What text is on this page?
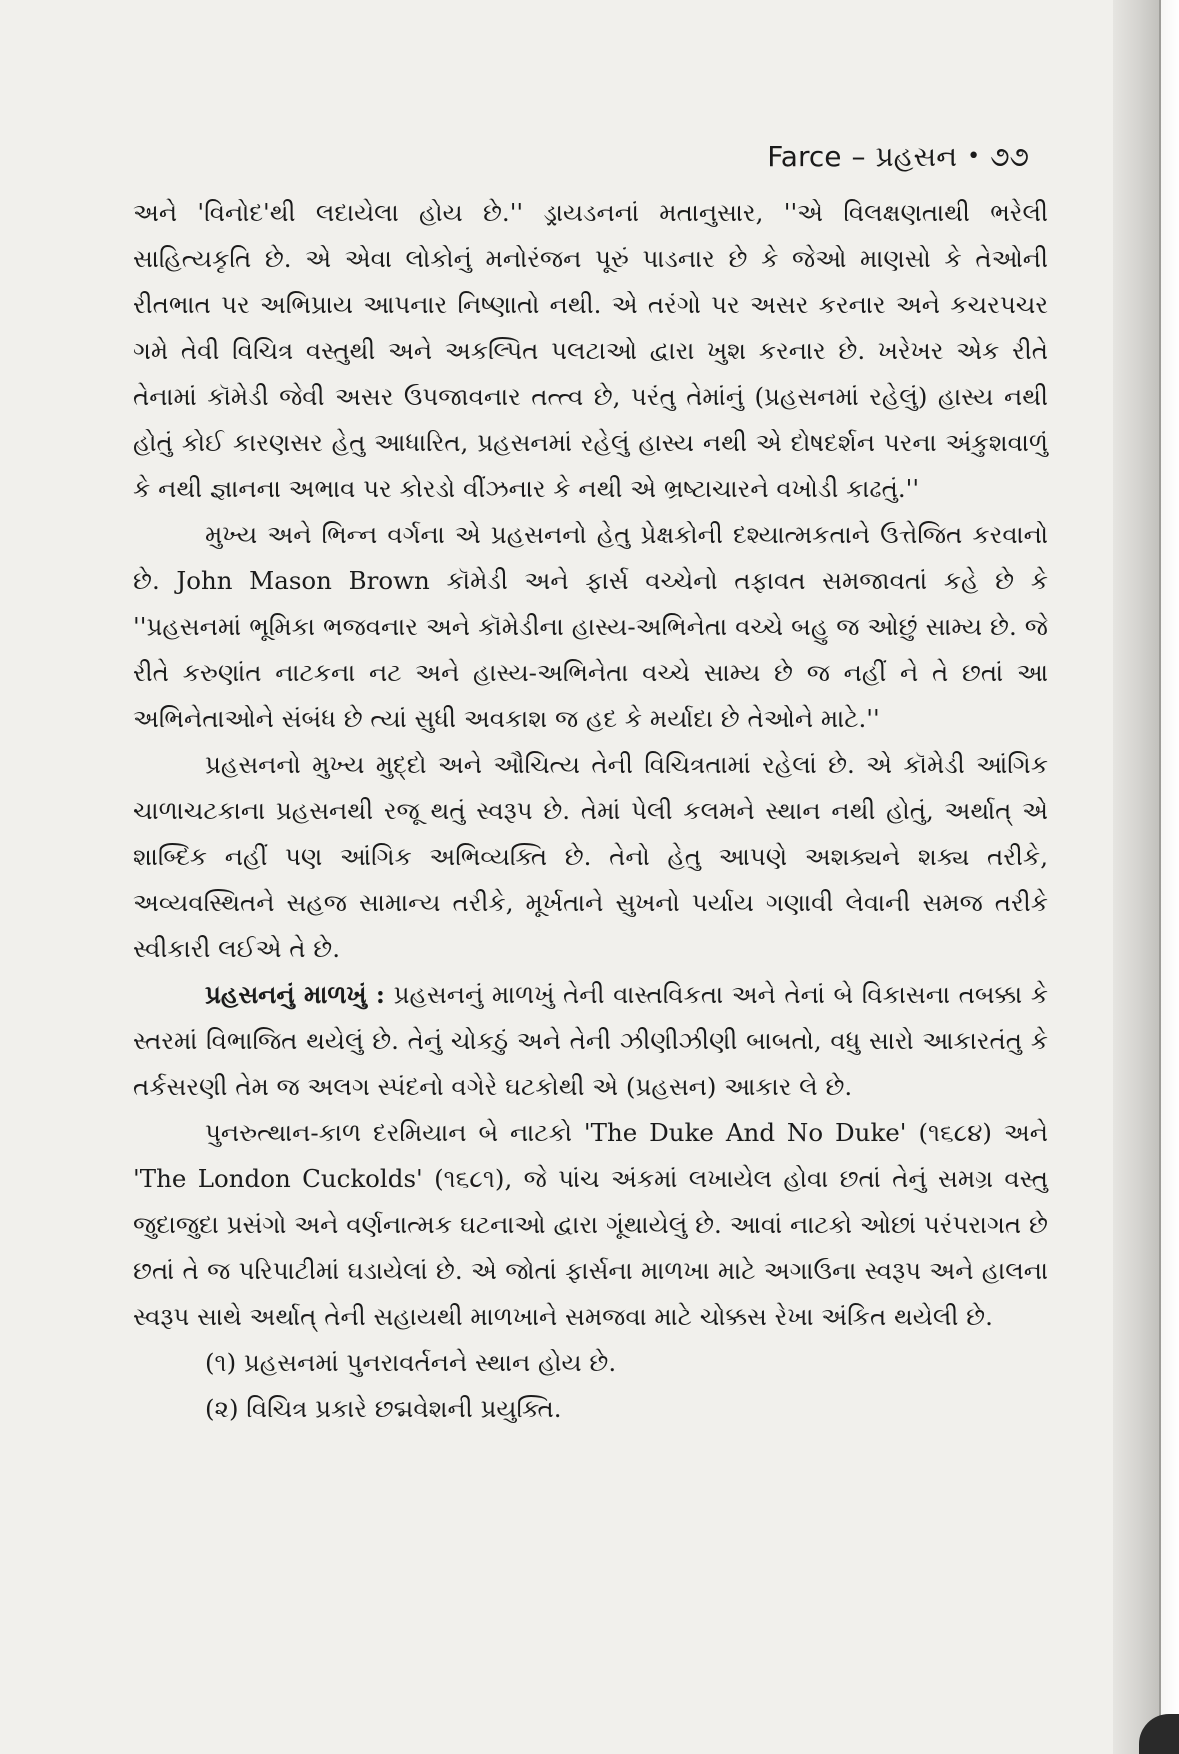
Farce – પ્રહસન • ૭૭

અને 'વિનોદ'થી લદાયેલા હોય છે.'' ડ્રાયડનનાં મતાનુસાર, ''એ વિલક્ષણતાથી ભરેલી સાહિત્યકૃતિ છે. એ એવા લોકોનું મનોરંજન પૂરું પાડનાર છે કે જેઓ માણસો કે તેઓની રીતભાત પર અભિપ્રાય આપનાર નિષ્ણાતો નથી. એ તરંગો પર અસર કરનાર અને કચરપચર ગમે તેવી વિચિત્ર વસ્તુથી અને અકલ્પિત પલટાઓ દ્વારા ખુશ કરનાર છે. ખરેખર એક રીતે તેનામાં કૉમેડી જેવી અસર ઉપજાવનાર તત્ત્વ છે, પરંતુ તેમાંનું (પ્રહસનમાં રહેલું) હાસ્ય નથી હોતું કોઈ કારણસર હેતુ આધારિત, પ્રહસનમાં રહેલું હાસ્ય નથી એ દોષદર્શન પરના અંકુશવાળું કે નથી જ્ઞાનના અભાવ પર કોરડો વીંઝનાર કે નથી એ ભ્રષ્ટાચારને વખોડી કાઢતું.''

મુખ્ય અને ભિન્ન વર્ગના એ પ્રહસનનો હેતુ પ્રેક્ષકોની દશ્યાત્મકતાને ઉત્તેજિત કરવાનો છે. John Mason Brown કૉમેડી અને ફાર્સ વચ્ચેનો તફાવત સમજાવતાં કહે છે કે ''પ્રહસનમાં ભૂમિકા ભજવનાર અને કૉમેડીના હાસ્ય-અભિનેતા વચ્ચે બહુ જ ઓછું સામ્ય છે. જે રીતે કરુણાંત નાટકના નટ અને હાસ્ય-અભિનેતા વચ્ચે સામ્ય છે જ નહીં ને તે છતાં આ અભિનેતાઓને સંબંધ છે ત્યાં સુધી અવકાશ જ હદ કે મર્યાદા છે તેઓને માટે.''

પ્રહસનનો મુખ્ય મુદ્દો અને ઔચિત્ય તેની વિચિત્રતામાં રહેલાં છે. એ કૉમેડી આંગિક ચાળાચટકાના પ્રહસનથી રજૂ થતું સ્વરૂપ છે. તેમાં પેલી કલમને સ્થાન નથી હોતું, અર્થાત્ એ શાબ્દિક નહીં પણ આંગિક અભિવ્યક્તિ છે. તેનો હેતુ આપણે અશક્યને શક્ય તરીકે, અવ્યવસ્થિતને સહજ સામાન્ય તરીકે, મૂર્ખતાને સુખનો પર્યાય ગણાવી લેવાની સમજ તરીકે સ્વીકારી લઈએ તે છે.

પ્રહસનનું માળખું : પ્રહસનનું માળખું તેની વાસ્તવિકતા અને તેનાં બે વિકાસના તબક્કા કે સ્તરમાં વિભાજિત થયેલું છે. તેનું ચોકઠું અને તેની ઝીણીઝીણી બાબતો, વધુ સારો આકારતંતુ કે તર્કસરણી તેમ જ અલગ સ્પંદનો વગેરે ઘટકોથી એ (પ્રહસન) આકાર લે છે.

પુનરુત્થાન-કાળ દરમિયાન બે નાટકો 'The Duke And No Duke' (૧૬૮૪) અને 'The London Cuckolds' (૧૬૮૧), જે પાંચ અંકમાં લખાયેલ હોવા છતાં તેનું સમગ્ર વસ્તુ જુદાજુદા પ્રસંગો અને વર્ણનાત્મક ઘટનાઓ દ્વારા ગૂંથાયેલું છે. આવાં નાટકો ઓછાં પરંપરાગત છે છતાં તે જ પરિપાટીમાં ઘડાયેલાં છે. એ જોતાં ફાર્સના માળખા માટે અગાઉના સ્વરૂપ અને હાલના સ્વરૂપ સાથે અર્થાત્ તેની સહાયથી માળખાને સમજવા માટે ચોક્કસ રેખા અંકિત થયેલી છે.

(૧) પ્રહસનમાં પુનરાવર્તનને સ્થાન હોય છે.

(૨) વિચિત્ર પ્રકારે છદ્મવેશની પ્રયુક્તિ.
